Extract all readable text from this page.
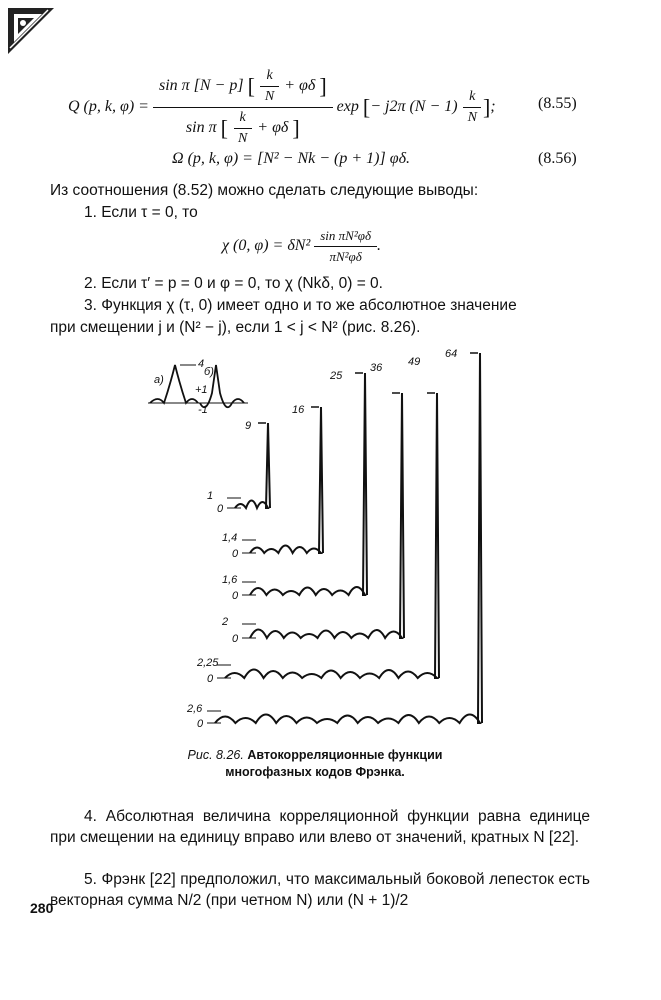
Q (p, k, φ) =
sin π [N − p] [ $\frac{k}{N} + \varphi\delta$ ]
sin π [ $\frac{k}{N} + \varphi\delta$ ]
exp [− j2π $(N - 1) \frac{k}{N}$ ];	(8.55)
Ω (p, k, φ) = [N² − Nk − (p + 1)] φδ.	(8.56)
Из соотношения (8.52) можно сделать следующие выводы:
1. Если τ = 0, то
χ (0, $\varphi) = \delta N^2 \frac{\text{sin πN²φδ}}{\text{πN²φδ}}$ .
2. Если τ′ = p = 0 и φ = 0, то χ (Nkδ, 0) = 0.
3. Функция χ (τ, 0) имеет одно и то же абсолютное значение
при смещении j и (N² − j), если 1 < j < N² (рис. 8.26).
a)
б)
4
+1
-1
1
0
9
1,4
0
16
1,6
0
25
2
0
36
2,25
0
49
2,6
0
64
Рис. 8.26. Автокорреляционные функции многофазных кодов Фрэнка.
4. Абсолютная величина корреляционной функции равна единице при смещении на единицу вправо или влево от значений, кратных N [22].
5. Фрэнк [22] предположил, что максимальный боковой лепесток есть векторная сумма N/2 (при четном N) или (N + 1)/2
280
